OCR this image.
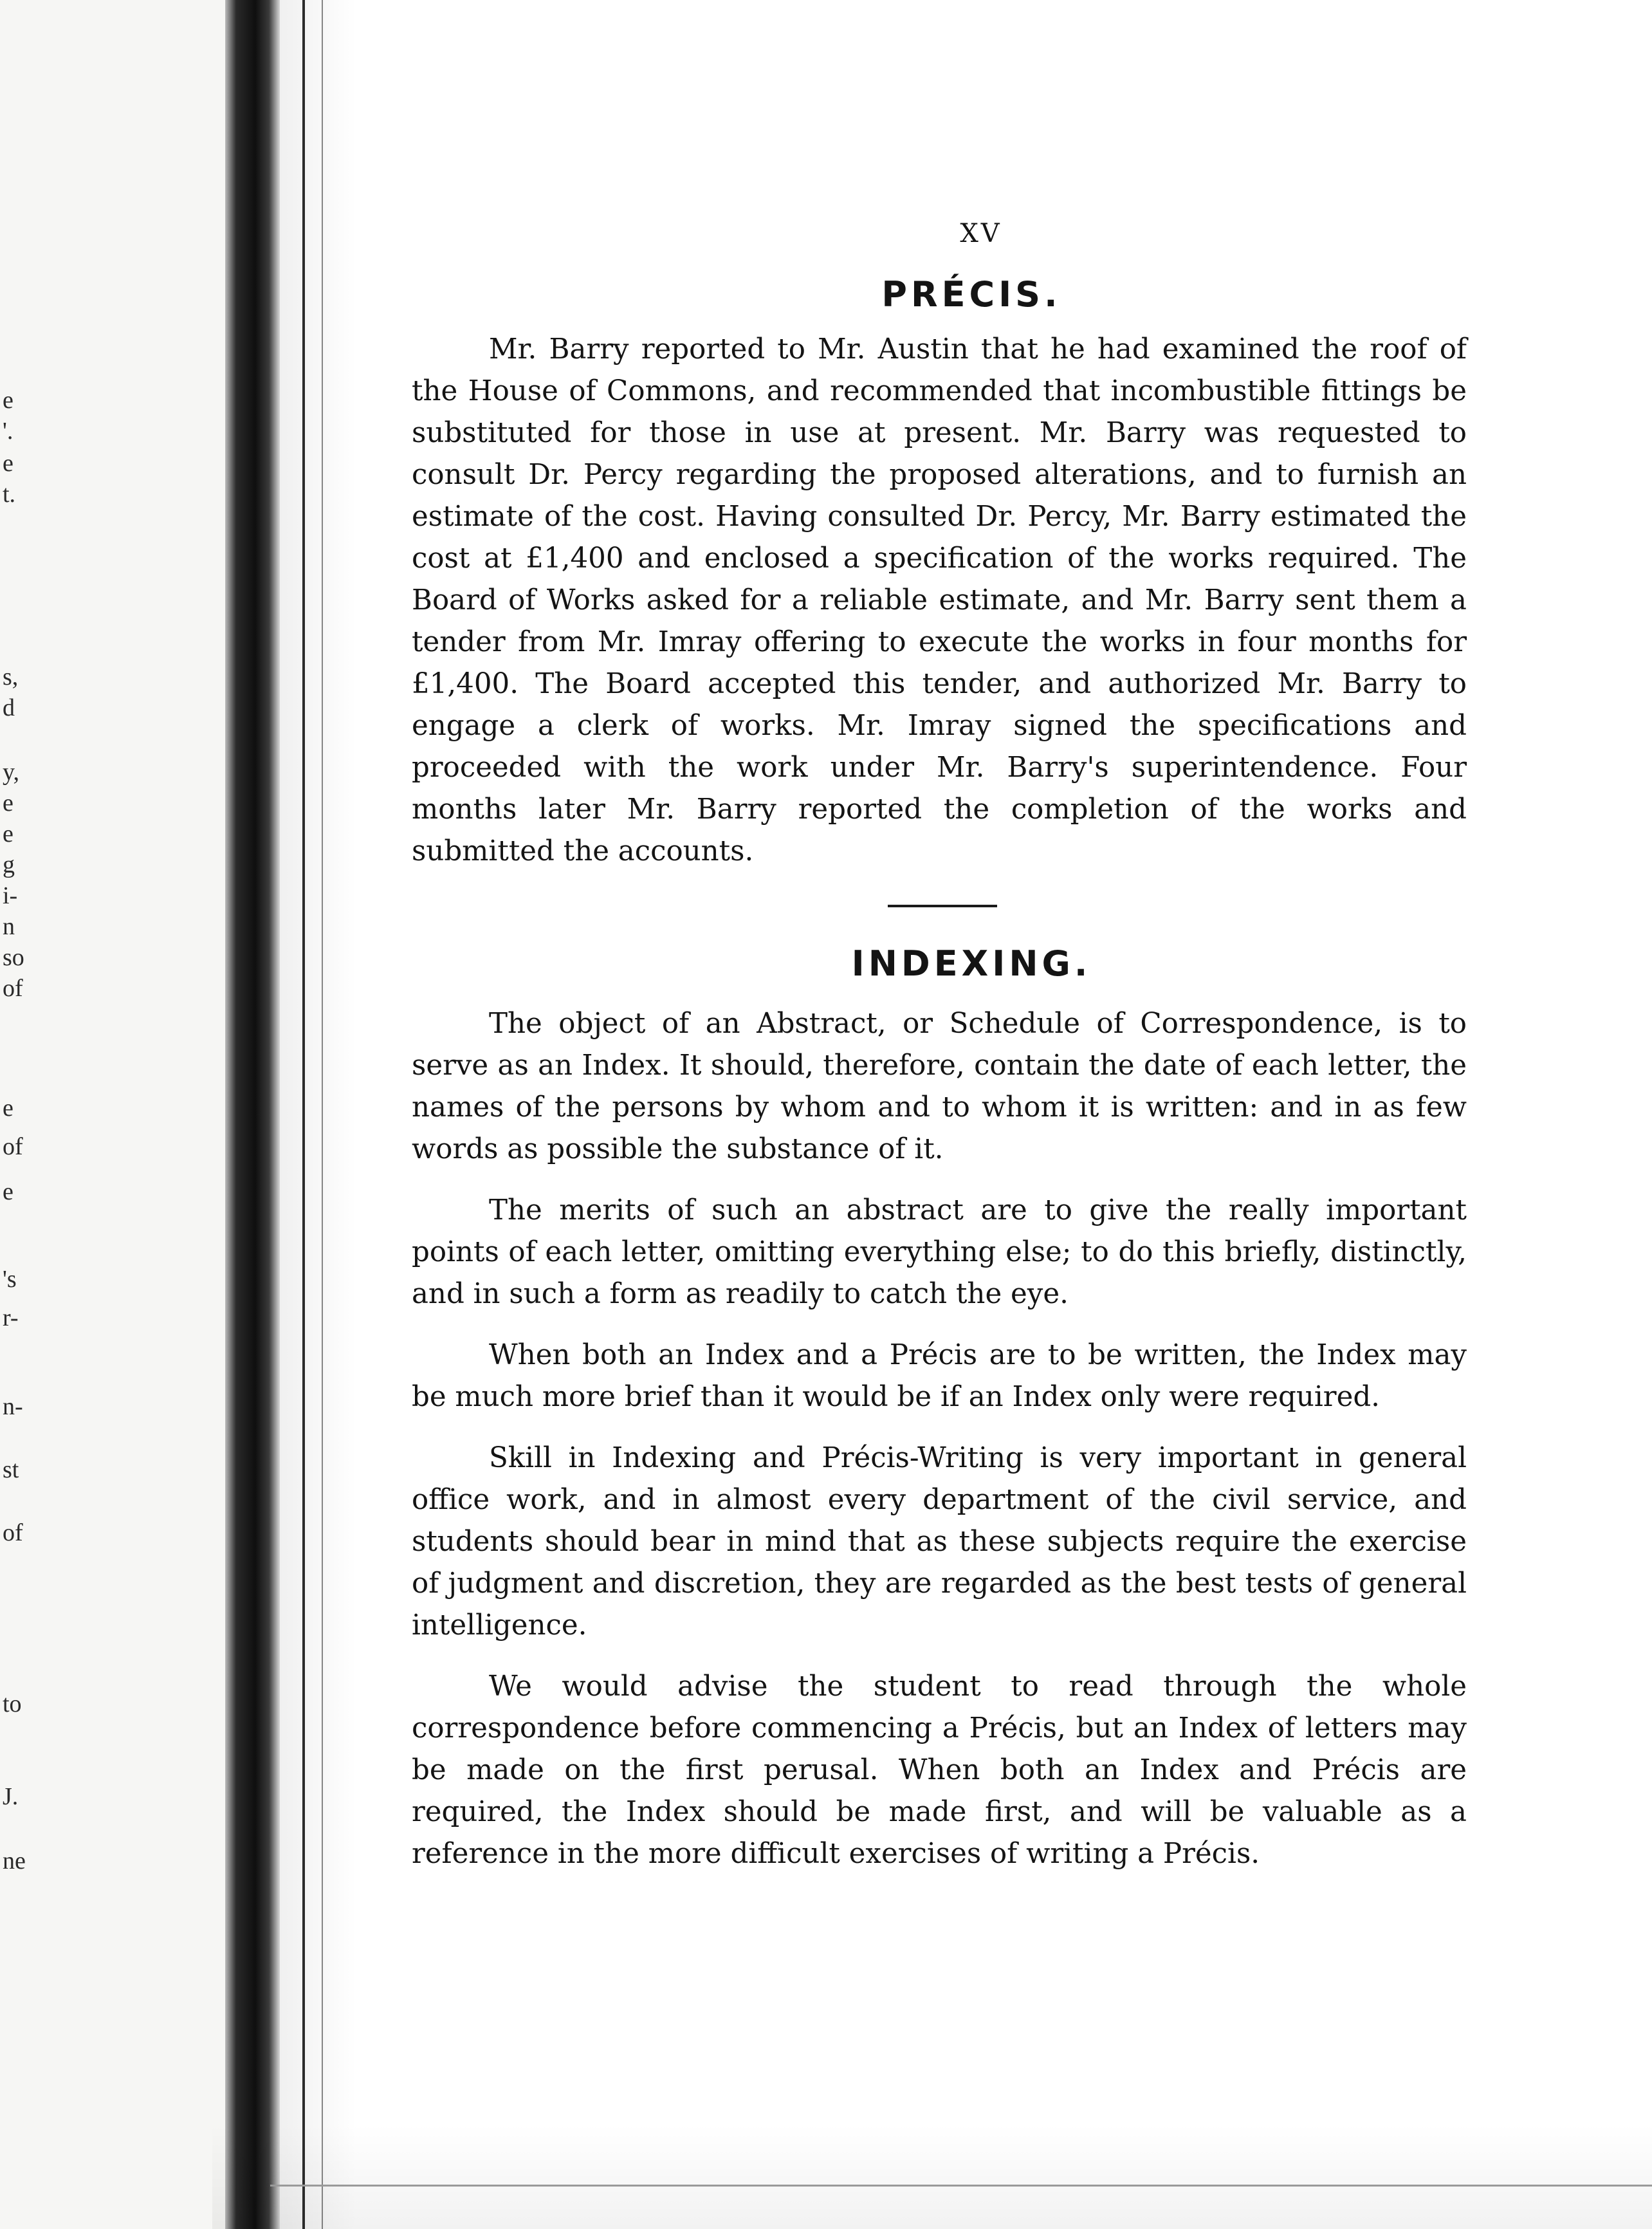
e
'.
e
t.
s,
d
y,
e
e
g
i-
n
so
of
e
of
e
's
r-
n-
st
of
to
J.
ne
XV
PRÉCIS.

Mr. Barry reported to Mr. Austin that he had examined the roof of the House of Commons, and recommended that incombustible fittings be substituted for those in use at present. Mr. Barry was requested to consult Dr. Percy regarding the proposed alterations, and to furnish an estimate of the cost. Having consulted Dr. Percy, Mr. Barry estimated the cost at £1,400 and enclosed a specification of the works required. The Board of Works asked for a reliable estimate, and Mr. Barry sent them a tender from Mr. Imray offering to execute the works in four months for £1,400. The Board accepted this tender, and authorized Mr. Barry to engage a clerk of works. Mr. Imray signed the specifications and proceeded with the work under Mr. Barry's superintendence. Four months later Mr. Barry reported the completion of the works and submitted the accounts.

INDEXING.

The object of an Abstract, or Schedule of Correspondence, is to serve as an Index. It should, therefore, contain the date of each letter, the names of the persons by whom and to whom it is written: and in as few words as possible the substance of it.

The merits of such an abstract are to give the really important points of each letter, omitting everything else; to do this briefly, distinctly, and in such a form as readily to catch the eye.

When both an Index and a Précis are to be written, the Index may be much more brief than it would be if an Index only were required.

Skill in Indexing and Précis-Writing is very important in general office work, and in almost every department of the civil service, and students should bear in mind that as these subjects require the exercise of judgment and discretion, they are regarded as the best tests of general intelligence.

We would advise the student to read through the whole correspondence before commencing a Précis, but an Index of letters may be made on the first perusal. When both an Index and Précis are required, the Index should be made first, and will be valuable as a reference in the more difficult exercises of writing a Précis.
